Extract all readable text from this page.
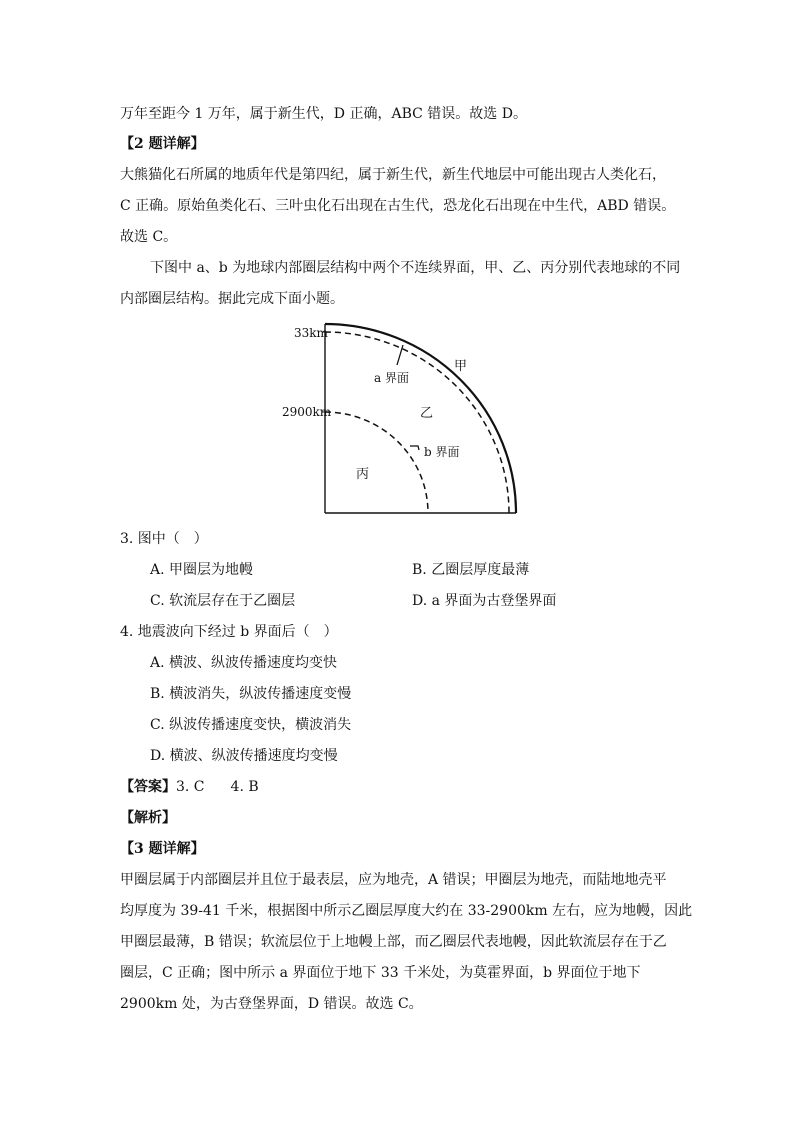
万年至距今 1 万年，属于新生代，D 正确，ABC 错误。故选 D。
【2 题详解】
大熊猫化石所属的地质年代是第四纪，属于新生代，新生代地层中可能出现古人类化石，
C 正确。原始鱼类化石、三叶虫化石出现在古生代，恐龙化石出现在中生代，ABD 错误。
故选 C。
下图中 a、b 为地球内部圈层结构中两个不连续界面，甲、乙、丙分别代表地球的不同
内部圈层结构。据此完成下面小题。
33km
2900km
a 界面
b 界面
甲
乙
丙
3. 图中（　）
A. 甲圈层为地幔	B. 乙圈层厚度最薄
C. 软流层存在于乙圈层	D. a 界面为古登堡界面
4. 地震波向下经过 b 界面后（　）
A. 横波、纵波传播速度均变快
B. 横波消失，纵波传播速度变慢
C. 纵波传播速度变快，横波消失
D. 横波、纵波传播速度均变慢
【答案】3. C 4. B
【解析】
【3 题详解】
甲圈层属于内部圈层并且位于最表层，应为地壳，A 错误；甲圈层为地壳，而陆地地壳平
均厚度为 39-41 千米，根据图中所示乙圈层厚度大约在 33-2900km 左右，应为地幔，因此
甲圈层最薄，B 错误；软流层位于上地幔上部，而乙圈层代表地幔，因此软流层存在于乙
圈层，C 正确；图中所示 a 界面位于地下 33 千米处，为莫霍界面，b 界面位于地下
2900km 处，为古登堡界面，D 错误。故选 C。
